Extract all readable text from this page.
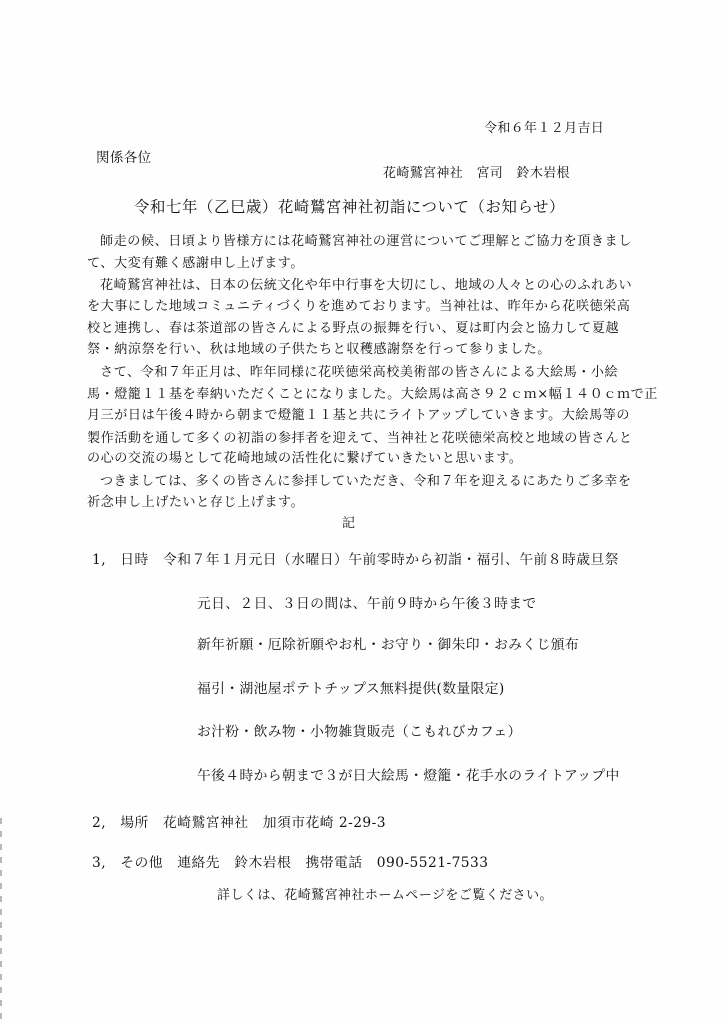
令和６年１２月吉日
関係各位
花崎鷲宮神社　宮司　鈴木岩根
令和七年（乙巳歳）花崎鷲宮神社初詣について（お知らせ）
師走の候、日頃より皆様方には花崎鷲宮神社の運営についてご理解とご協力を頂きまし
て、大変有難く感謝申し上げます。
花崎鷲宮神社は、日本の伝統文化や年中行事を大切にし、地域の人々との心のふれあい
を大事にした地域コミュニティづくりを進めております。当神社は、昨年から花咲徳栄高
校と連携し、春は茶道部の皆さんによる野点の振舞を行い、夏は町内会と協力して夏越
祭・納涼祭を行い、秋は地域の子供たちと収穫感謝祭を行って参りました。
さて、令和７年正月は、昨年同様に花咲徳栄高校美術部の皆さんによる大絵馬・小絵
馬・燈籠１１基を奉納いただくことになりました。大絵馬は高さ９２ｃｍ×幅１４０ｃｍで正
月三が日は午後４時から朝まで燈籠１１基と共にライトアップしていきます。大絵馬等の
製作活動を通して多くの初詣の参拝者を迎えて、当神社と花咲徳栄高校と地域の皆さんと
の心の交流の場として花崎地域の活性化に繋げていきたいと思います。
つきましては、多くの皆さんに参拝していただき、令和７年を迎えるにあたりご多幸を
祈念申し上げたいと存じ上げます。
記
1,　日時　令和７年１月元日（水曜日）午前零時から初詣・福引、午前８時歳旦祭
元日、２日、３日の間は、午前９時から午後３時まで
新年祈願・厄除祈願やお札・お守り・御朱印・おみくじ頒布
福引・湖池屋ポテトチップス無料提供(数量限定)
お汁粉・飲み物・小物雑貨販売（こもれびカフェ）
午後４時から朝まで３が日大絵馬・燈籠・花手水のライトアップ中
2,　場所　花崎鷲宮神社　加須市花崎 2-29-3
3,　その他　連絡先　鈴木岩根　携帯電話　090-5521-7533
詳しくは、花崎鷲宮神社ホームページをご覧ください。
